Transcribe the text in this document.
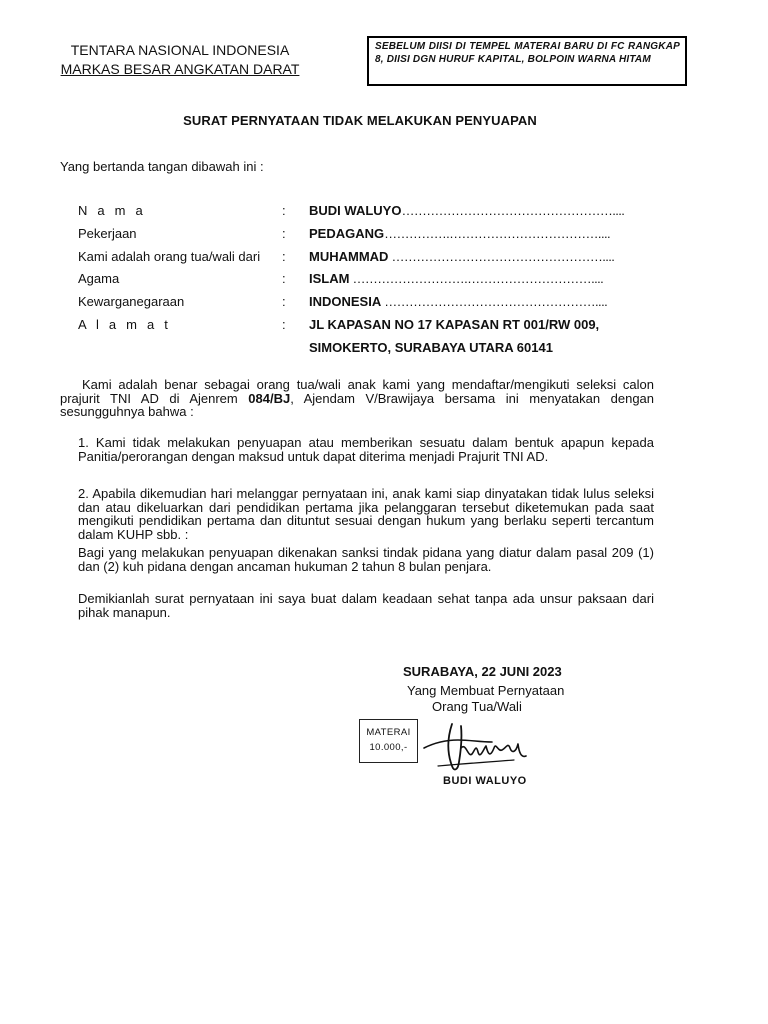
TENTARA NASIONAL INDONESIA
MARKAS BESAR ANGKATAN DARAT
SEBELUM DIISI DI TEMPEL MATERAI BARU DI FC RANGKAP 8, DIISI DGN HURUF KAPITAL, BOLPOIN WARNA HITAM
SURAT PERNYATAAN TIDAK MELAKUKAN PENYUAPAN
Yang bertanda tangan dibawah ini :
N a m a	: BUDI WALUYO……………………………………………....
Pekerjaan	: PEDAGANG…………….………………………………....
Kami adalah orang tua/wali dari : MUHAMMAD ……………………………………………....
Agama	: ISLAM ……………………….…………………………....
Kewarganegaraan	: INDONESIA ……………………………………………....
A l a m a t	: JL KAPASAN NO 17 KAPASAN RT 001/RW 009,
SIMOKERTO, SURABAYA UTARA 60141
Kami adalah benar sebagai orang tua/wali anak kami yang mendaftar/mengikuti seleksi calon prajurit TNI AD di Ajenrem 084/BJ, Ajendam V/Brawijaya bersama ini menyatakan dengan sesungguhnya bahwa :
1. Kami tidak melakukan penyuapan atau memberikan sesuatu dalam bentuk apapun kepada Panitia/perorangan dengan maksud untuk dapat diterima menjadi Prajurit TNI AD.
2. Apabila dikemudian hari melanggar pernyataan ini, anak kami siap dinyatakan tidak lulus seleksi dan atau dikeluarkan dari pendidikan pertama jika pelanggaran tersebut diketemukan pada saat mengikuti pendidikan pertama dan dituntut sesuai dengan hukum yang berlaku seperti tercantum dalam KUHP sbb. :
Bagi yang melakukan penyuapan dikenakan sanksi tindak pidana yang diatur dalam pasal 209 (1) dan (2) kuh pidana dengan ancaman hukuman 2 tahun 8 bulan penjara.
Demikianlah surat pernyataan ini saya buat dalam keadaan sehat tanpa ada unsur paksaan dari pihak manapun.
SURABAYA, 22 JUNI 2023
Yang Membuat Pernyataan
Orang Tua/Wali
MATERAI
10.000,-
BUDI WALUYO
